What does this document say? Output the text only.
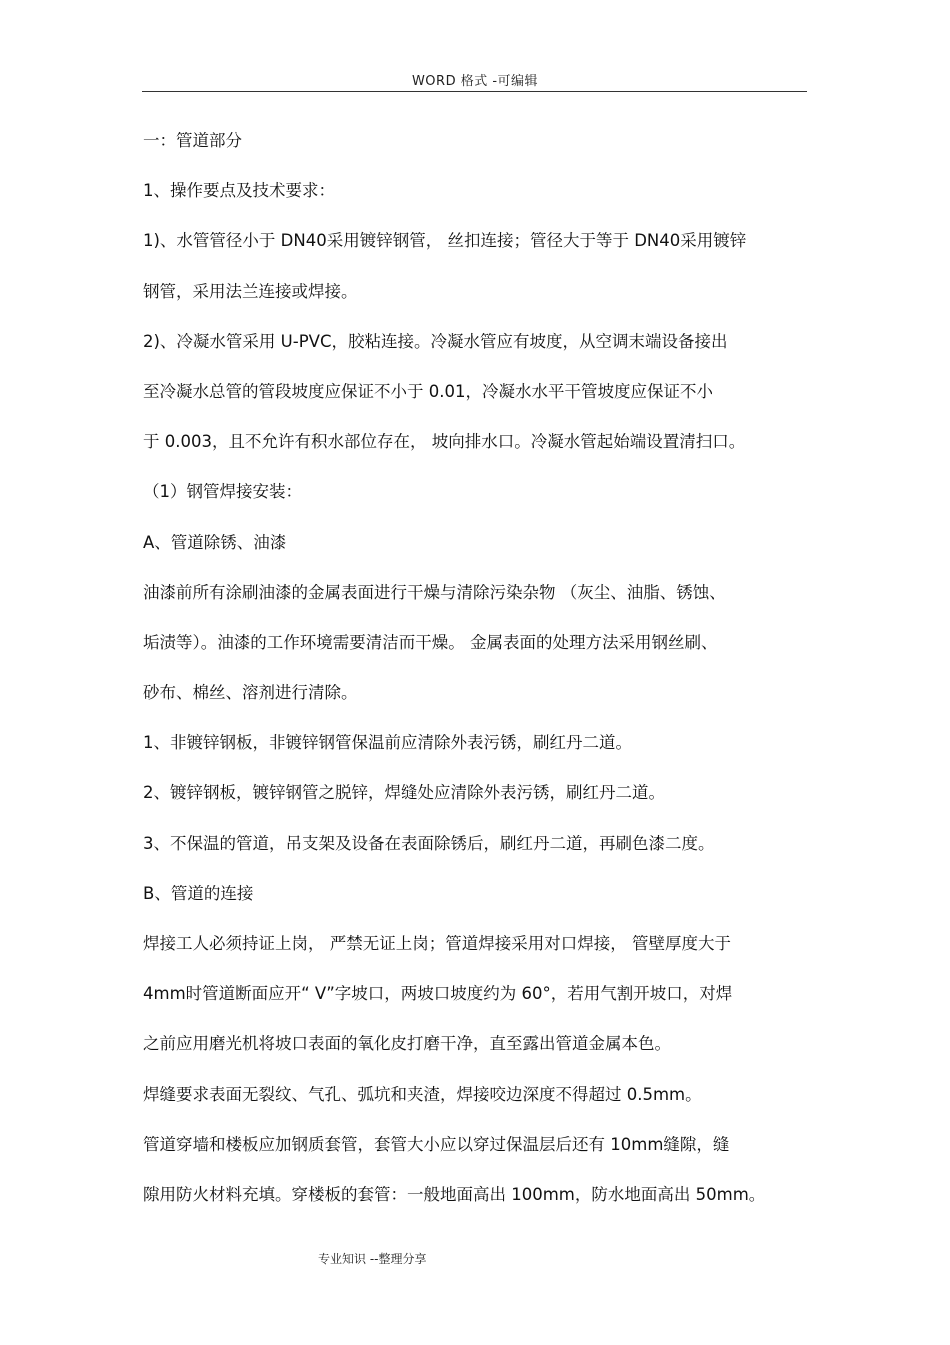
WORD 格式 -可编辑
一：管道部分
1、操作要点及技术要求：
1)、水管管径小于 DN40采用镀锌钢管， 丝扣连接；管径大于等于 DN40采用镀锌
钢管，采用法兰连接或焊接。
2)、冷凝水管采用 U-PVC，胶粘连接。冷凝水管应有坡度，从空调末端设备接出
至冷凝水总管的管段坡度应保证不小于 0.01，冷凝水水平干管坡度应保证不小
于 0.003，且不允许有积水部位存在， 坡向排水口。冷凝水管起始端设置清扫口。
（1）钢管焊接安装：
A、管道除锈、油漆
油漆前所有涂刷油漆的金属表面进行干燥与清除污染杂物 （灰尘、油脂、锈蚀、
垢渍等）。油漆的工作环境需要清洁而干燥。 金属表面的处理方法采用钢丝刷、
砂布、棉丝、溶剂进行清除。
1、非镀锌钢板，非镀锌钢管保温前应清除外表污锈，刷红丹二道。
2、镀锌钢板，镀锌钢管之脱锌，焊缝处应清除外表污锈，刷红丹二道。
3、不保温的管道，吊支架及设备在表面除锈后，刷红丹二道，再刷色漆二度。
B、管道的连接
焊接工人必须持证上岗， 严禁无证上岗；管道焊接采用对口焊接， 管壁厚度大于
4mm时管道断面应开“ V”字坡口，两坡口坡度约为 60°，若用气割开坡口，对焊
之前应用磨光机将坡口表面的氧化皮打磨干净，直至露出管道金属本色。
焊缝要求表面无裂纹、气孔、弧坑和夹渣，焊接咬边深度不得超过 0.5mm。
管道穿墙和楼板应加钢质套管，套管大小应以穿过保温层后还有 10mm缝隙，缝
隙用防火材料充填。穿楼板的套管：一般地面高出 100mm，防水地面高出 50mm。
专业知识 --整理分享
